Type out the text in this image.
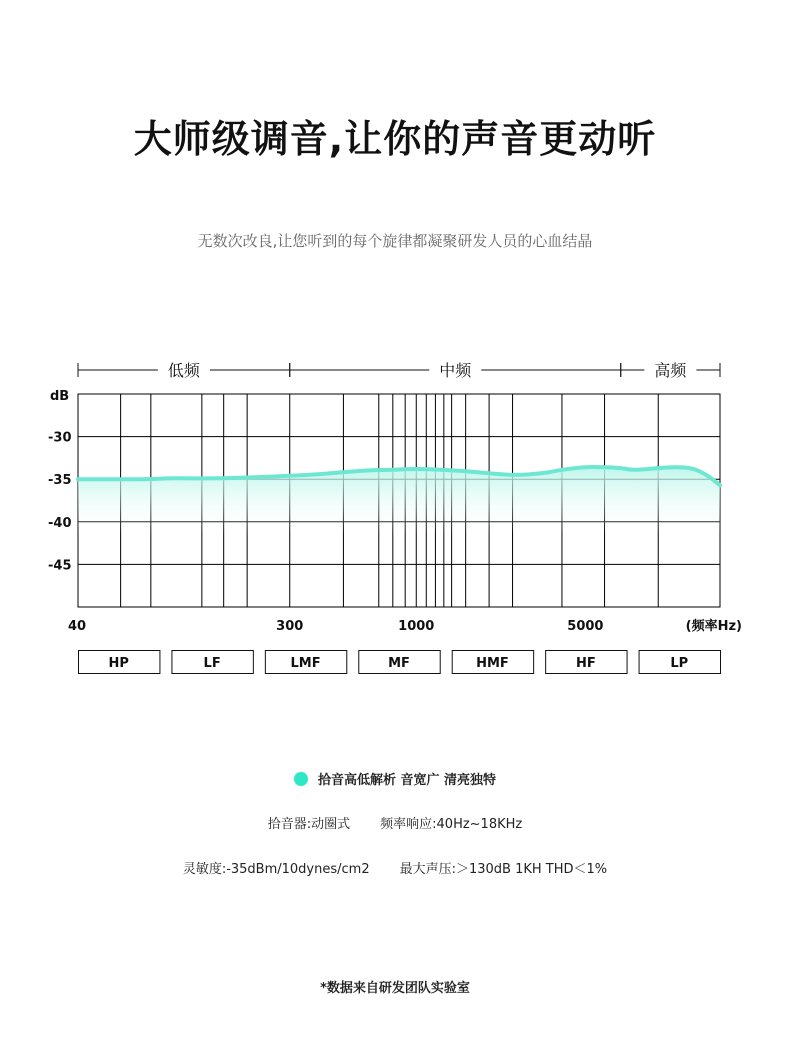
大师级调音,让你的声音更动听
无数次改良,让您听到的每个旋律都凝聚研发人员的心血结晶
低频	中频	高频
dB
(频率Hz)
-30
-35
-40
-45
40	300	1000	5000
HP	LF	LMF	MF	HMF	HF	LP
拾音高低解析 音宽广 清亮独特
拾音器:动圈式 频率响应:40Hz~18KHz
灵敏度:-35dBm/10dynes/cm2 最大声压:＞130dB 1KH THD＜1%
*数据来自研发团队实验室
